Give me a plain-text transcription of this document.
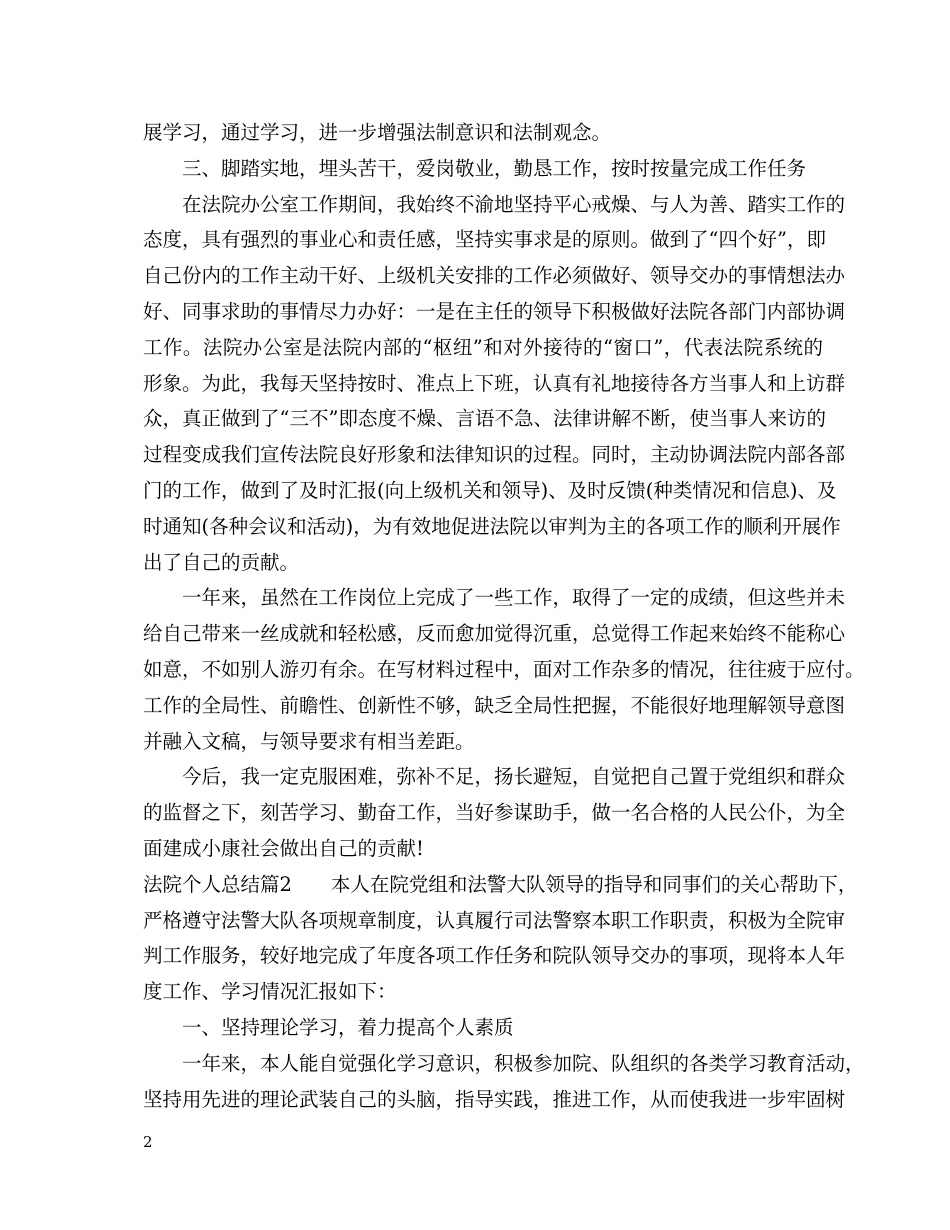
展学习，通过学习，进一步增强法制意识和法制观念。
三、脚踏实地，埋头苦干，爱岗敬业，勤恳工作，按时按量完成工作任务
在法院办公室工作期间，我始终不渝地坚持平心戒燥、与人为善、踏实工作的
态度，具有强烈的事业心和责任感，坚持实事求是的原则。做到了“四个好”，即
自己份内的工作主动干好、上级机关安排的工作必须做好、领导交办的事情想法办
好、同事求助的事情尽力办好：一是在主任的领导下积极做好法院各部门内部协调
工作。法院办公室是法院内部的“枢纽”和对外接待的“窗口”，代表法院系统的
形象。为此，我每天坚持按时、准点上下班，认真有礼地接待各方当事人和上访群
众，真正做到了“三不”即态度不燥、言语不急、法律讲解不断，使当事人来访的
过程变成我们宣传法院良好形象和法律知识的过程。同时，主动协调法院内部各部
门的工作，做到了及时汇报(向上级机关和领导)、及时反馈(种类情况和信息)、及
时通知(各种会议和活动)，为有效地促进法院以审判为主的各项工作的顺利开展作
出了自己的贡献。
一年来，虽然在工作岗位上完成了一些工作，取得了一定的成绩，但这些并未
给自己带来一丝成就和轻松感，反而愈加觉得沉重，总觉得工作起来始终不能称心
如意，不如别人游刃有余。在写材料过程中，面对工作杂多的情况，往往疲于应付。
工作的全局性、前瞻性、创新性不够，缺乏全局性把握，不能很好地理解领导意图
并融入文稿，与领导要求有相当差距。
今后，我一定克服困难，弥补不足，扬长避短，自觉把自己置于党组织和群众
的监督之下，刻苦学习、勤奋工作，当好参谋助手，做一名合格的人民公仆，为全
面建成小康社会做出自己的贡献!
法院个人总结篇2　　本人在院党组和法警大队领导的指导和同事们的关心帮助下，
严格遵守法警大队各项规章制度，认真履行司法警察本职工作职责，积极为全院审
判工作服务，较好地完成了年度各项工作任务和院队领导交办的事项，现将本人年
度工作、学习情况汇报如下：
一、坚持理论学习，着力提高个人素质
一年来，本人能自觉强化学习意识，积极参加院、队组织的各类学习教育活动，
坚持用先进的理论武装自己的头脑，指导实践，推进工作，从而使我进一步牢固树
2
